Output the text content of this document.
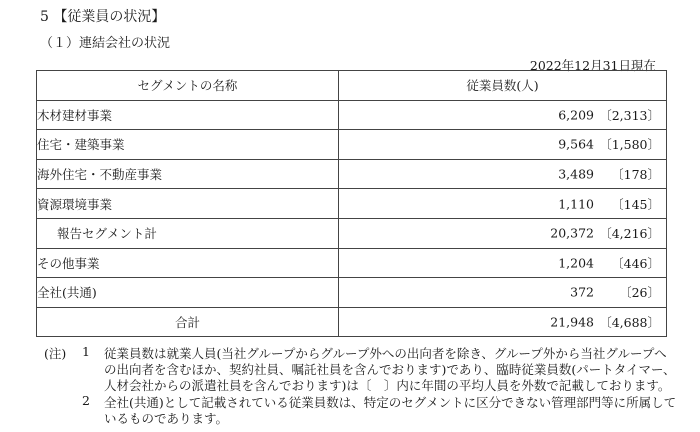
5 【従業員の状況】
（１）連結会社の状況
2022年12月31日現在
セグメントの名称	従業員数(人)
木材建材事業	6,209 〔2,313〕

住宅・建築事業	9,564 〔1,580〕

海外住宅・不動産事業	3,489 〔178〕

資源環境事業	1,110 〔145〕

報告セグメント計	20,372 〔4,216〕

その他事業	1,204 〔446〕

全社(共通)	372 〔26〕

合計	21,948 〔4,688〕
(注) 1 従業員数は就業人員(当社グループからグループ外への出向者を除き、グループ外から当社グループへ
の出向者を含むほか、契約社員、嘱託社員を含んでおります)であり、臨時従業員数(パートタイマー、
人材会社からの派遣社員を含んでおります)は〔　〕内に年間の平均人員を外数で記載しております。
2 全社(共通)として記載されている従業員数は、特定のセグメントに区分できない管理部門等に所属して
いるものであります。
